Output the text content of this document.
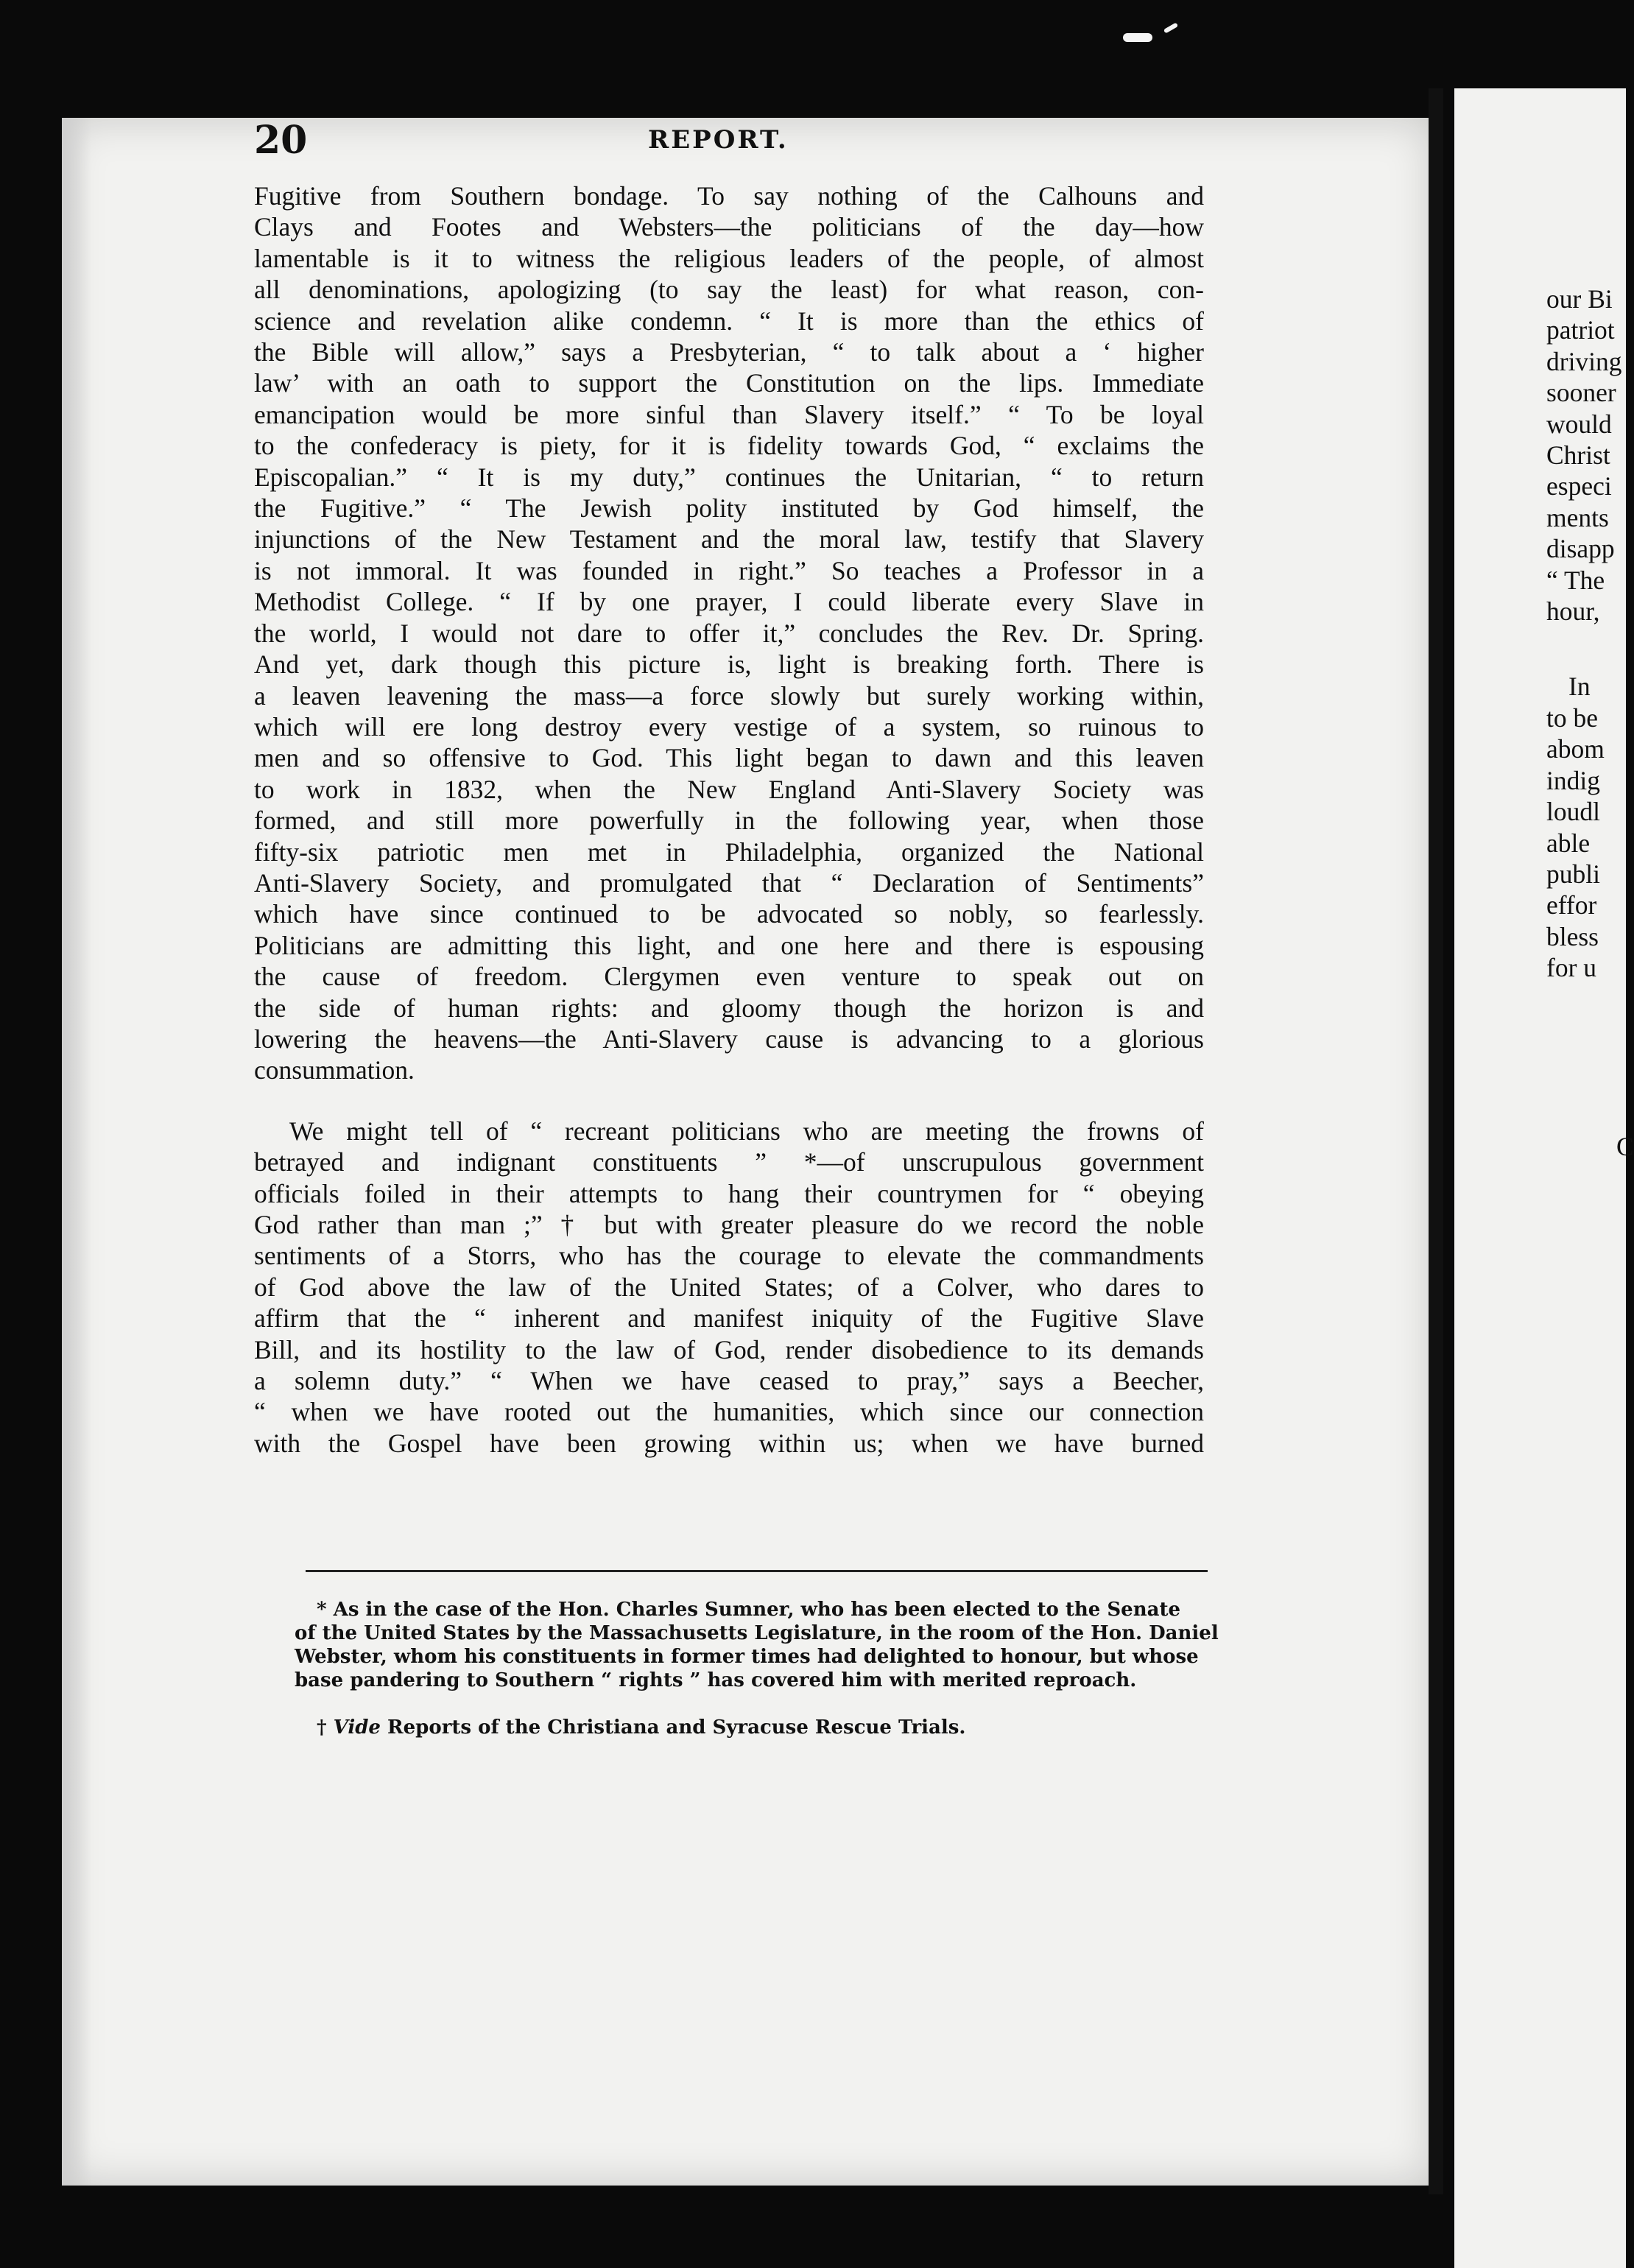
20	REPORT.
Fugitive from Southern bondage. To say nothing of the Calhouns and
Clays and Footes and Websters—the politicians of the day—how
lamentable is it to witness the religious leaders of the people, of almost
all denominations, apologizing (to say the least) for what reason, con-
science and revelation alike condemn. “ It is more than the ethics of
the Bible will allow,” says a Presbyterian, “ to talk about a ‘ higher
law’ with an oath to support the Constitution on the lips. Immediate
emancipation would be more sinful than Slavery itself.” “ To be loyal
to the confederacy is piety, for it is fidelity towards God, “ exclaims the
Episcopalian.” “ It is my duty,” continues the Unitarian, “ to return
the Fugitive.” “ The Jewish polity instituted by God himself, the
injunctions of the New Testament and the moral law, testify that Slavery
is not immoral. It was founded in right.” So teaches a Professor in a
Methodist College. “ If by one prayer, I could liberate every Slave in
the world, I would not dare to offer it,” concludes the Rev. Dr. Spring.
And yet, dark though this picture is, light is breaking forth. There is
a leaven leavening the mass—a force slowly but surely working within,
which will ere long destroy every vestige of a system, so ruinous to
men and so offensive to God. This light began to dawn and this leaven
to work in 1832, when the New England Anti-Slavery Society was
formed, and still more powerfully in the following year, when those
fifty-six patriotic men met in Philadelphia, organized the National
Anti-Slavery Society, and promulgated that “ Declaration of Sentiments”
which have since continued to be advocated so nobly, so fearlessly.
Politicians are admitting this light, and one here and there is espousing
the cause of freedom. Clergymen even venture to speak out on
the side of human rights: and gloomy though the horizon is and
lowering the heavens—the Anti-Slavery cause is advancing to a glorious
consummation.
We might tell of “ recreant politicians who are meeting the frowns of
betrayed and indignant constituents ” *—of unscrupulous government
officials foiled in their attempts to hang their countrymen for “ obeying
God rather than man ;” † but with greater pleasure do we record the noble
sentiments of a Storrs, who has the courage to elevate the commandments
of God above the law of the United States; of a Colver, who dares to
affirm that the “ inherent and manifest iniquity of the Fugitive Slave
Bill, and its hostility to the law of God, render disobedience to its demands
a solemn duty.” “ When we have ceased to pray,” says a Beecher,
“ when we have rooted out the humanities, which since our connection
with the Gospel have been growing within us; when we have burned
* As in the case of the Hon. Charles Sumner, who has been elected to the Senate
of the United States by the Massachusetts Legislature, in the room of the Hon. Daniel
Webster, whom his constituents in former times had delighted to honour, but whose
base pandering to Southern “ rights ” has covered him with merited reproach.
† Vide Reports of the Christiana and Syracuse Rescue Trials.
our Bi
patriot
driving
sooner
would
Christ
especi
ments
disapp
“ The
hour,
In
to be
abom
indig
loudl
able
publi
effor
bless
for u
C
